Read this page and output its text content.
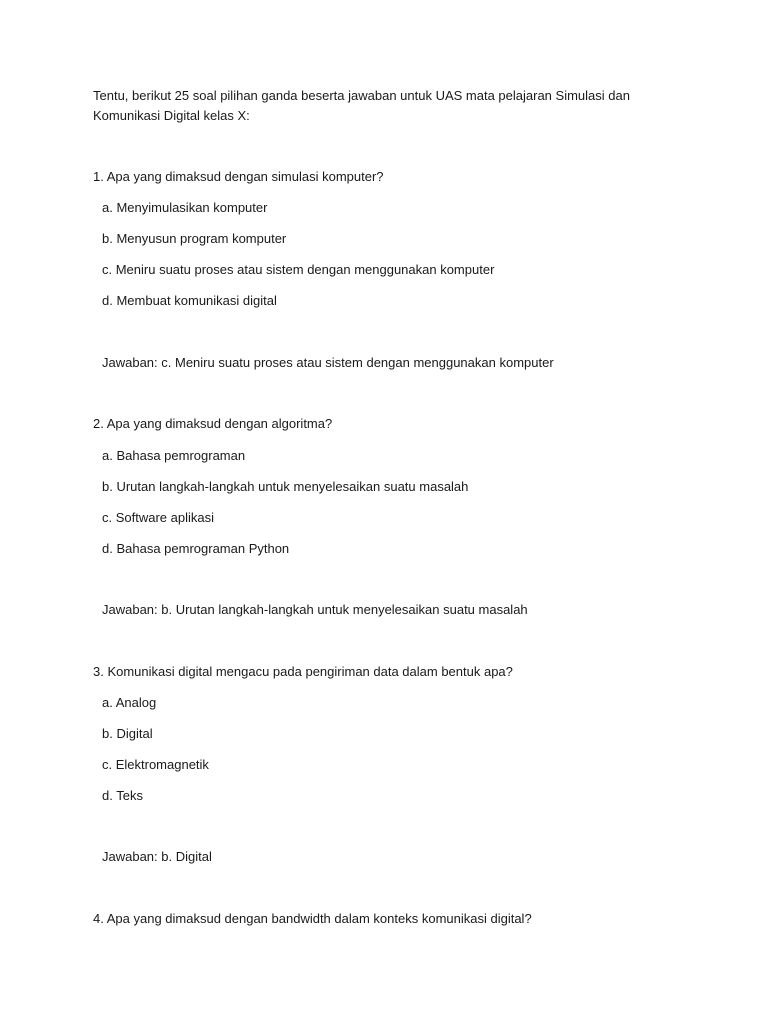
Tentu, berikut 25 soal pilihan ganda beserta jawaban untuk UAS mata pelajaran Simulasi dan
Komunikasi Digital kelas X:
1. Apa yang dimaksud dengan simulasi komputer?
a. Menyimulasikan komputer
b. Menyusun program komputer
c. Meniru suatu proses atau sistem dengan menggunakan komputer
d. Membuat komunikasi digital
Jawaban: c. Meniru suatu proses atau sistem dengan menggunakan komputer
2. Apa yang dimaksud dengan algoritma?
a. Bahasa pemrograman
b. Urutan langkah-langkah untuk menyelesaikan suatu masalah
c. Software aplikasi
d. Bahasa pemrograman Python
Jawaban: b. Urutan langkah-langkah untuk menyelesaikan suatu masalah
3. Komunikasi digital mengacu pada pengiriman data dalam bentuk apa?
a. Analog
b. Digital
c. Elektromagnetik
d. Teks
Jawaban: b. Digital
4. Apa yang dimaksud dengan bandwidth dalam konteks komunikasi digital?
